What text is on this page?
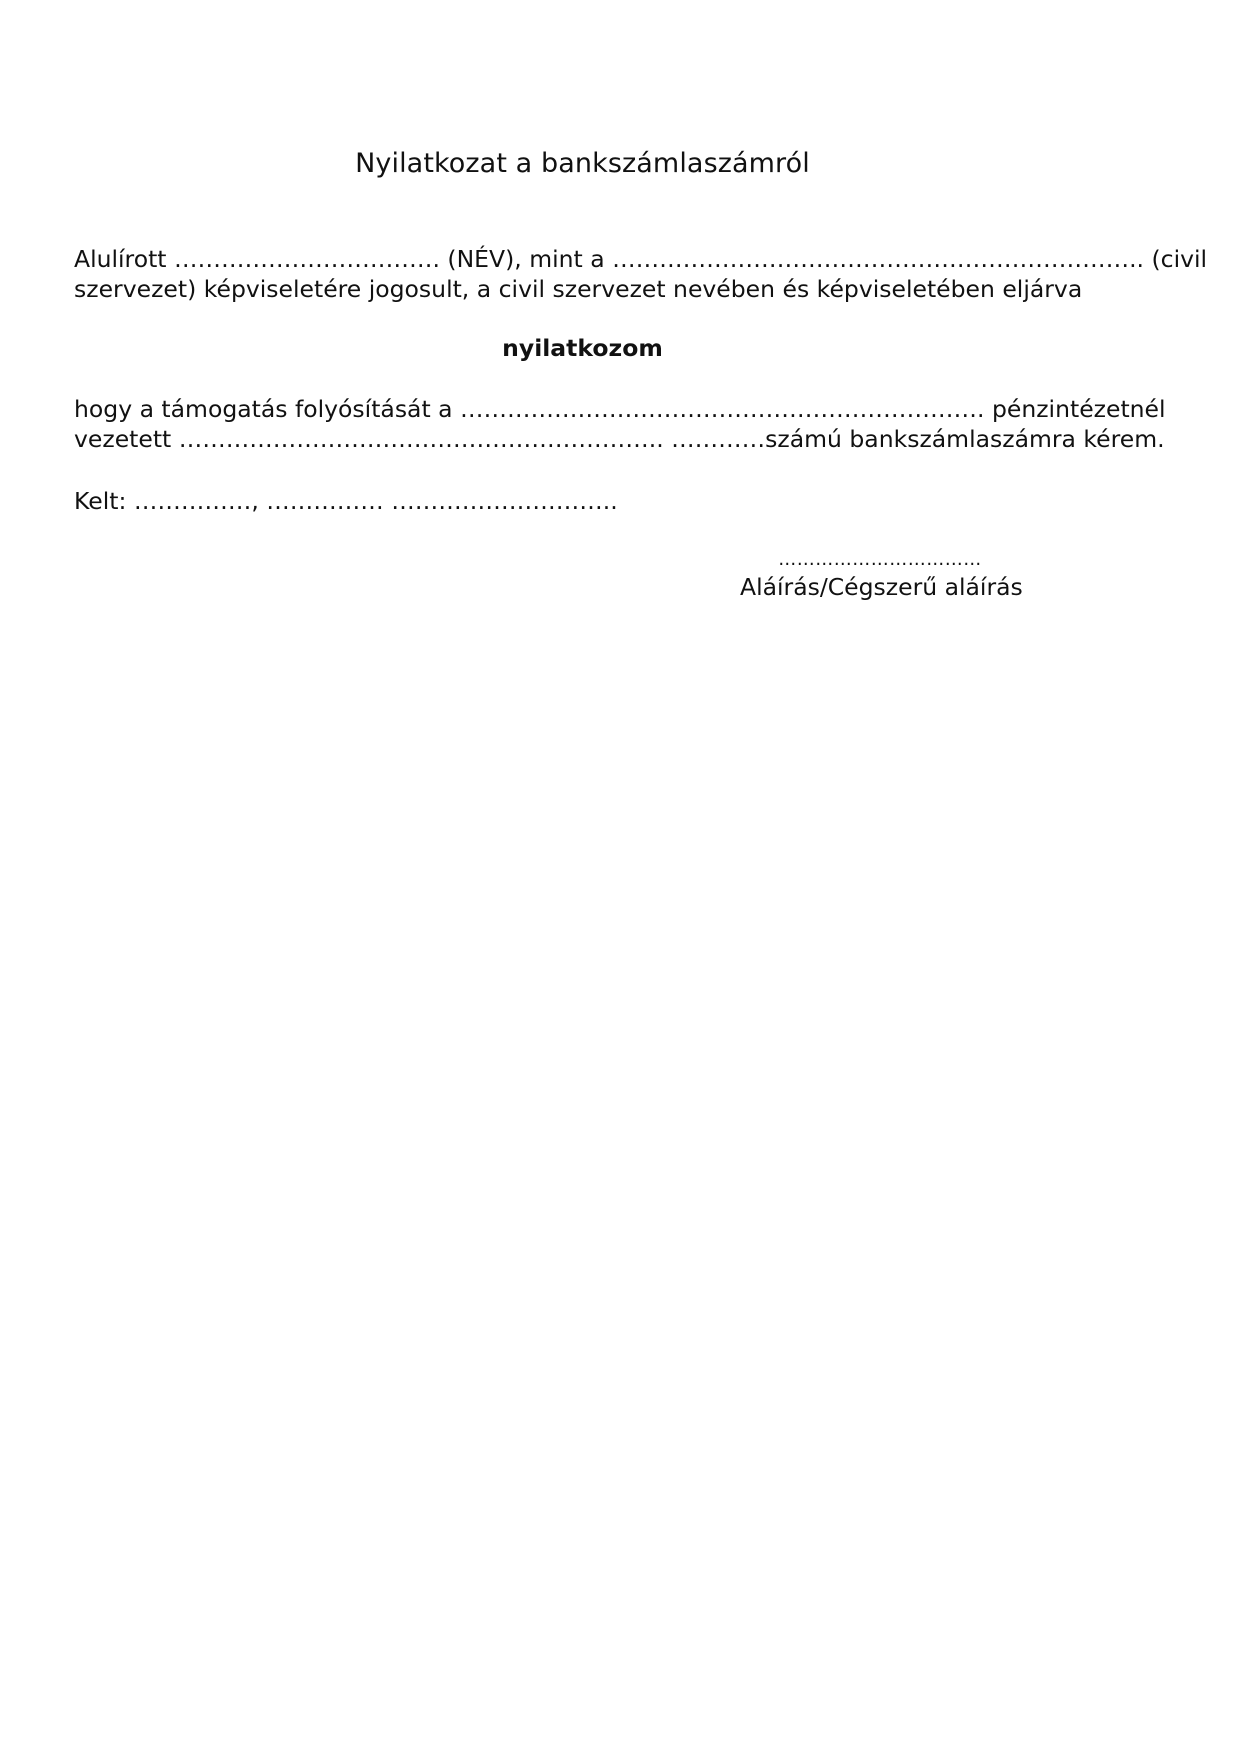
Nyilatkozat a bankszámlaszámról
Alulírott ……………………………. (NÉV), mint a ………………………………………………………….. (civil
szervezet) képviseletére jogosult, a civil szervezet nevében és képviseletében eljárva
nyilatkozom
hogy a támogatás folyósítását a …………………………………………………………. pénzintézetnél
vezetett …………………………………………………….. …………számú bankszámlaszámra kérem.
Kelt: ……………, …………… ………………………..
……………………………
Aláírás/Cégszerű aláírás
